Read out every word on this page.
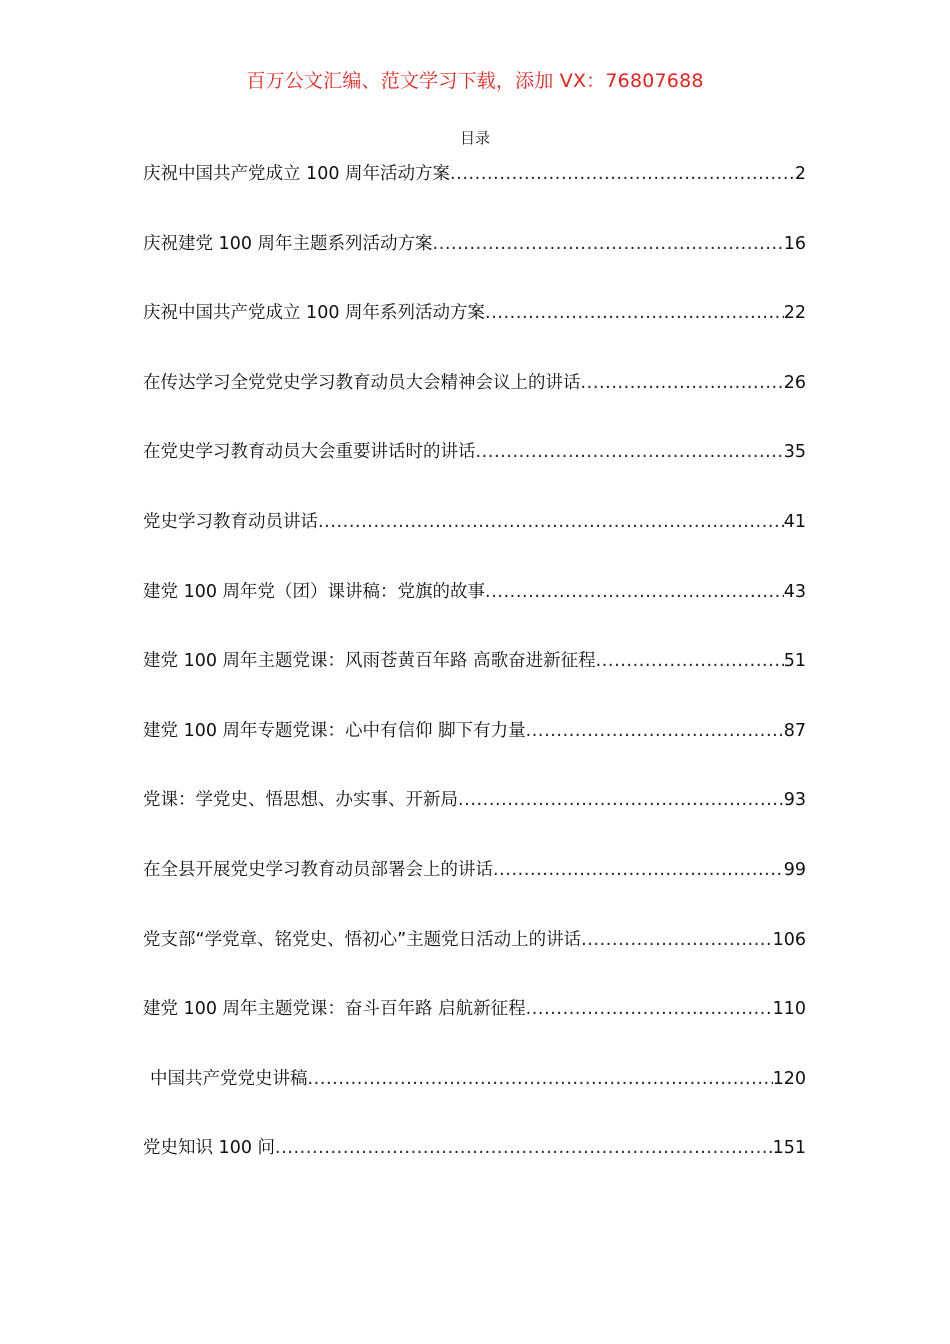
百万公文汇编、范文学习下载，添加 VX：76807688
目录
庆祝中国共产党成立 100 周年活动方案 .....	2
庆祝建党 100 周年主题系列活动方案 .....	16
庆祝中国共产党成立 100 周年系列活动方案 .....	22
在传达学习全党党史学习教育动员大会精神会议上的讲话 .....	26
在党史学习教育动员大会重要讲话时的讲话 .....	35
党史学习教育动员讲话 .....	41
建党 100 周年党（团）课讲稿：党旗的故事 .....	43
建党 100 周年主题党课：风雨苍黄百年路 高歌奋进新征程 .....	51
建党 100 周年专题党课：心中有信仰 脚下有力量 .....	87
党课：学党史、悟思想、办实事、开新局 .....	93
在全县开展党史学习教育动员部署会上的讲话 .....	99
党支部“学党章、铭党史、悟初心”主题党日活动上的讲话 .....	106
建党 100 周年主题党课：奋斗百年路 启航新征程 .....	110
中国共产党党史讲稿 .....	120
党史知识 100 问 .....	151
